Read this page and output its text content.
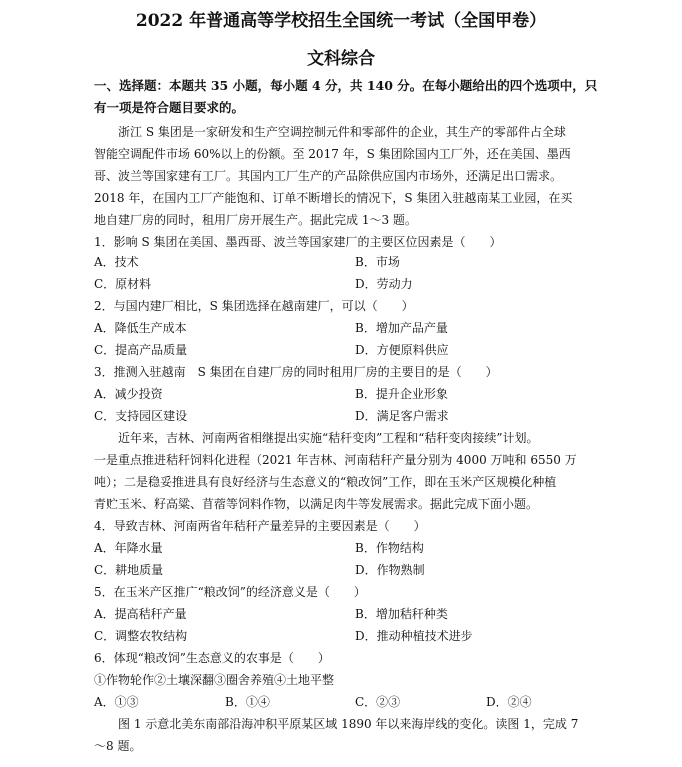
2022 年普通高等学校招生全国统一考试（全国甲卷）
文科综合
一、选择题：本题共 35 小题，每小题 4 分，共 140 分。在每小题给出的四个选项中，只
有一项是符合题目要求的。
浙江 S 集团是一家研发和生产空调控制元件和零部件的企业，其生产的零部件占全球
智能空调配件市场 60%以上的份额。至 2017 年，S 集团除国内工厂外，还在美国、墨西
哥、波兰等国家建有工厂。其国内工厂生产的产品除供应国内市场外，还满足出口需求。
2018 年，在国内工厂产能饱和、订单不断增长的情况下，S 集团入驻越南某工业园，在买
地自建厂房的同时，租用厂房开展生产。据此完成 1～3 题。
1．影响 S 集团在美国、墨西哥、波兰等国家建厂的主要区位因素是（　　）
A．技术	B．市场
C．原材料	D．劳动力
2．与国内建厂相比，S 集团选择在越南建厂，可以（　　）
A．降低生产成本	B．增加产品产量
C．提高产品质量	D．方便原料供应
3．推测入驻越南　S 集团在自建厂房的同时租用厂房的主要目的是（　　）
A．减少投资	B．提升企业形象
C．支持园区建设	D．满足客户需求
近年来，吉林、河南两省相继提出实施“秸秆变肉”工程和“秸秆变肉接续”计划。
一是重点推进秸秆饲料化进程（2021 年吉林、河南秸秆产量分别为 4000 万吨和 6550 万
吨）；二是稳妥推进具有良好经济与生态意义的“粮改饲”工作，即在玉米产区规模化种植
青贮玉米、籽高粱、苜蓿等饲料作物，以满足肉牛等发展需求。据此完成下面小题。
4．导致吉林、河南两省年秸秆产量差异的主要因素是（　　）
A．年降水量	B．作物结构
C．耕地质量	D．作物熟制
5．在玉米产区推广“粮改饲”的经济意义是（　　）
A．提高秸秆产量	B．增加秸秆种类
C．调整农牧结构	D．推动种植技术进步
6．体现“粮改饲”生态意义的农事是（　　）
①作物轮作②土壤深翻③圈舍养殖④土地平整
A．①③	B．①④	C．②③	D．②④
图 1 示意北美东南部沿海冲积平原某区域 1890 年以来海岸线的变化。读图 1，完成 7
～8 题。
